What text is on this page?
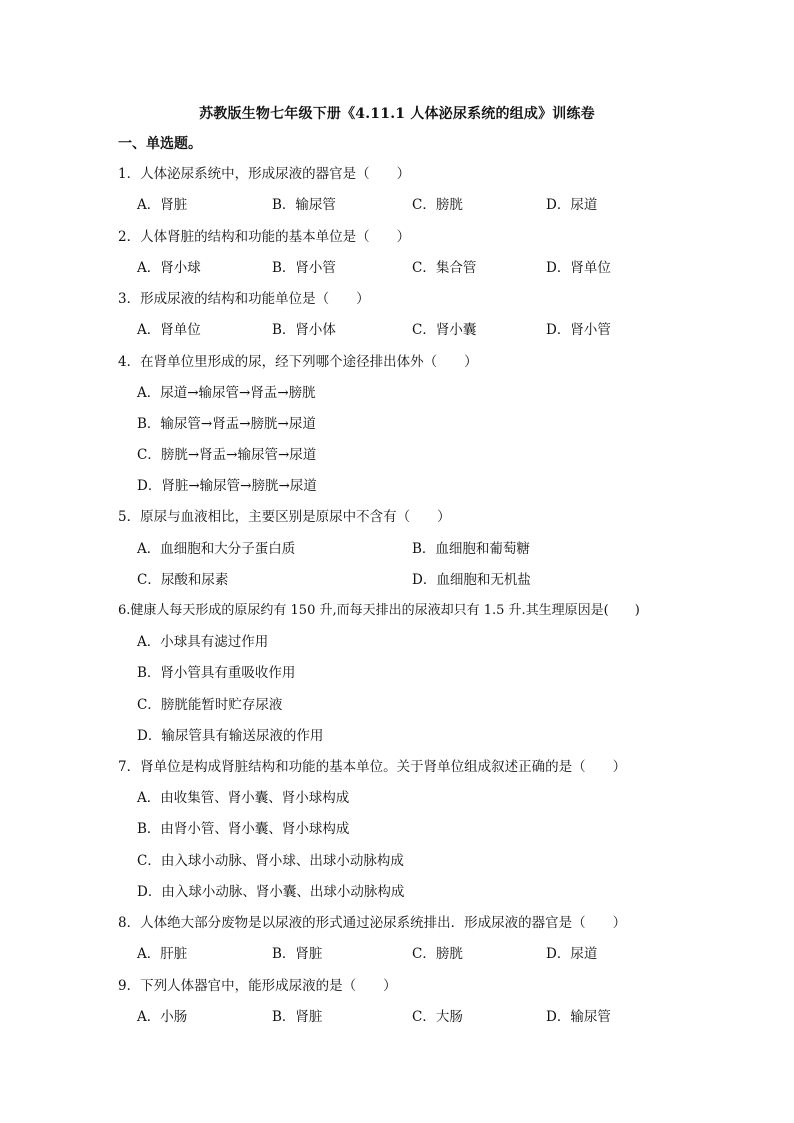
苏教版生物七年级下册《4.11.1 人体泌尿系统的组成》训练卷
一、单选题。
1．人体泌尿系统中，形成尿液的器官是（　　）
A．肾脏	B．输尿管	C．膀胱	D．尿道
2．人体肾脏的结构和功能的基本单位是（　　）
A．肾小球	B．肾小管	C．集合管	D．肾单位
3．形成尿液的结构和功能单位是（　　）
A．肾单位	B．肾小体	C．肾小囊	D．肾小管
4．在肾单位里形成的尿，经下列哪个途径排出体外（　　）
A．尿道→输尿管→肾盂→膀胱
B．输尿管→肾盂→膀胱→尿道
C．膀胱→肾盂→输尿管→尿道
D．肾脏→输尿管→膀胱→尿道
5．原尿与血液相比，主要区别是原尿中不含有（　　）
A．血细胞和大分子蛋白质	B．血细胞和葡萄糖
C．尿酸和尿素	D．血细胞和无机盐
6.健康人每天形成的原尿约有 150 升,而每天排出的尿液却只有 1.5 升.其生理原因是(　　)
A．小球具有滤过作用
B．肾小管具有重吸收作用
C．膀胱能暂时贮存尿液
D．输尿管具有输送尿液的作用
7．肾单位是构成肾脏结构和功能的基本单位。关于肾单位组成叙述正确的是（　　）
A．由收集管、肾小囊、肾小球构成
B．由肾小管、肾小囊、肾小球构成
C．由入球小动脉、肾小球、出球小动脉构成
D．由入球小动脉、肾小囊、出球小动脉构成
8．人体绝大部分废物是以尿液的形式通过泌尿系统排出．形成尿液的器官是（　　）
A．肝脏	B．肾脏	C．膀胱	D．尿道
9．下列人体器官中，能形成尿液的是（　　）
A．小肠	B．肾脏	C．大肠	D．输尿管
